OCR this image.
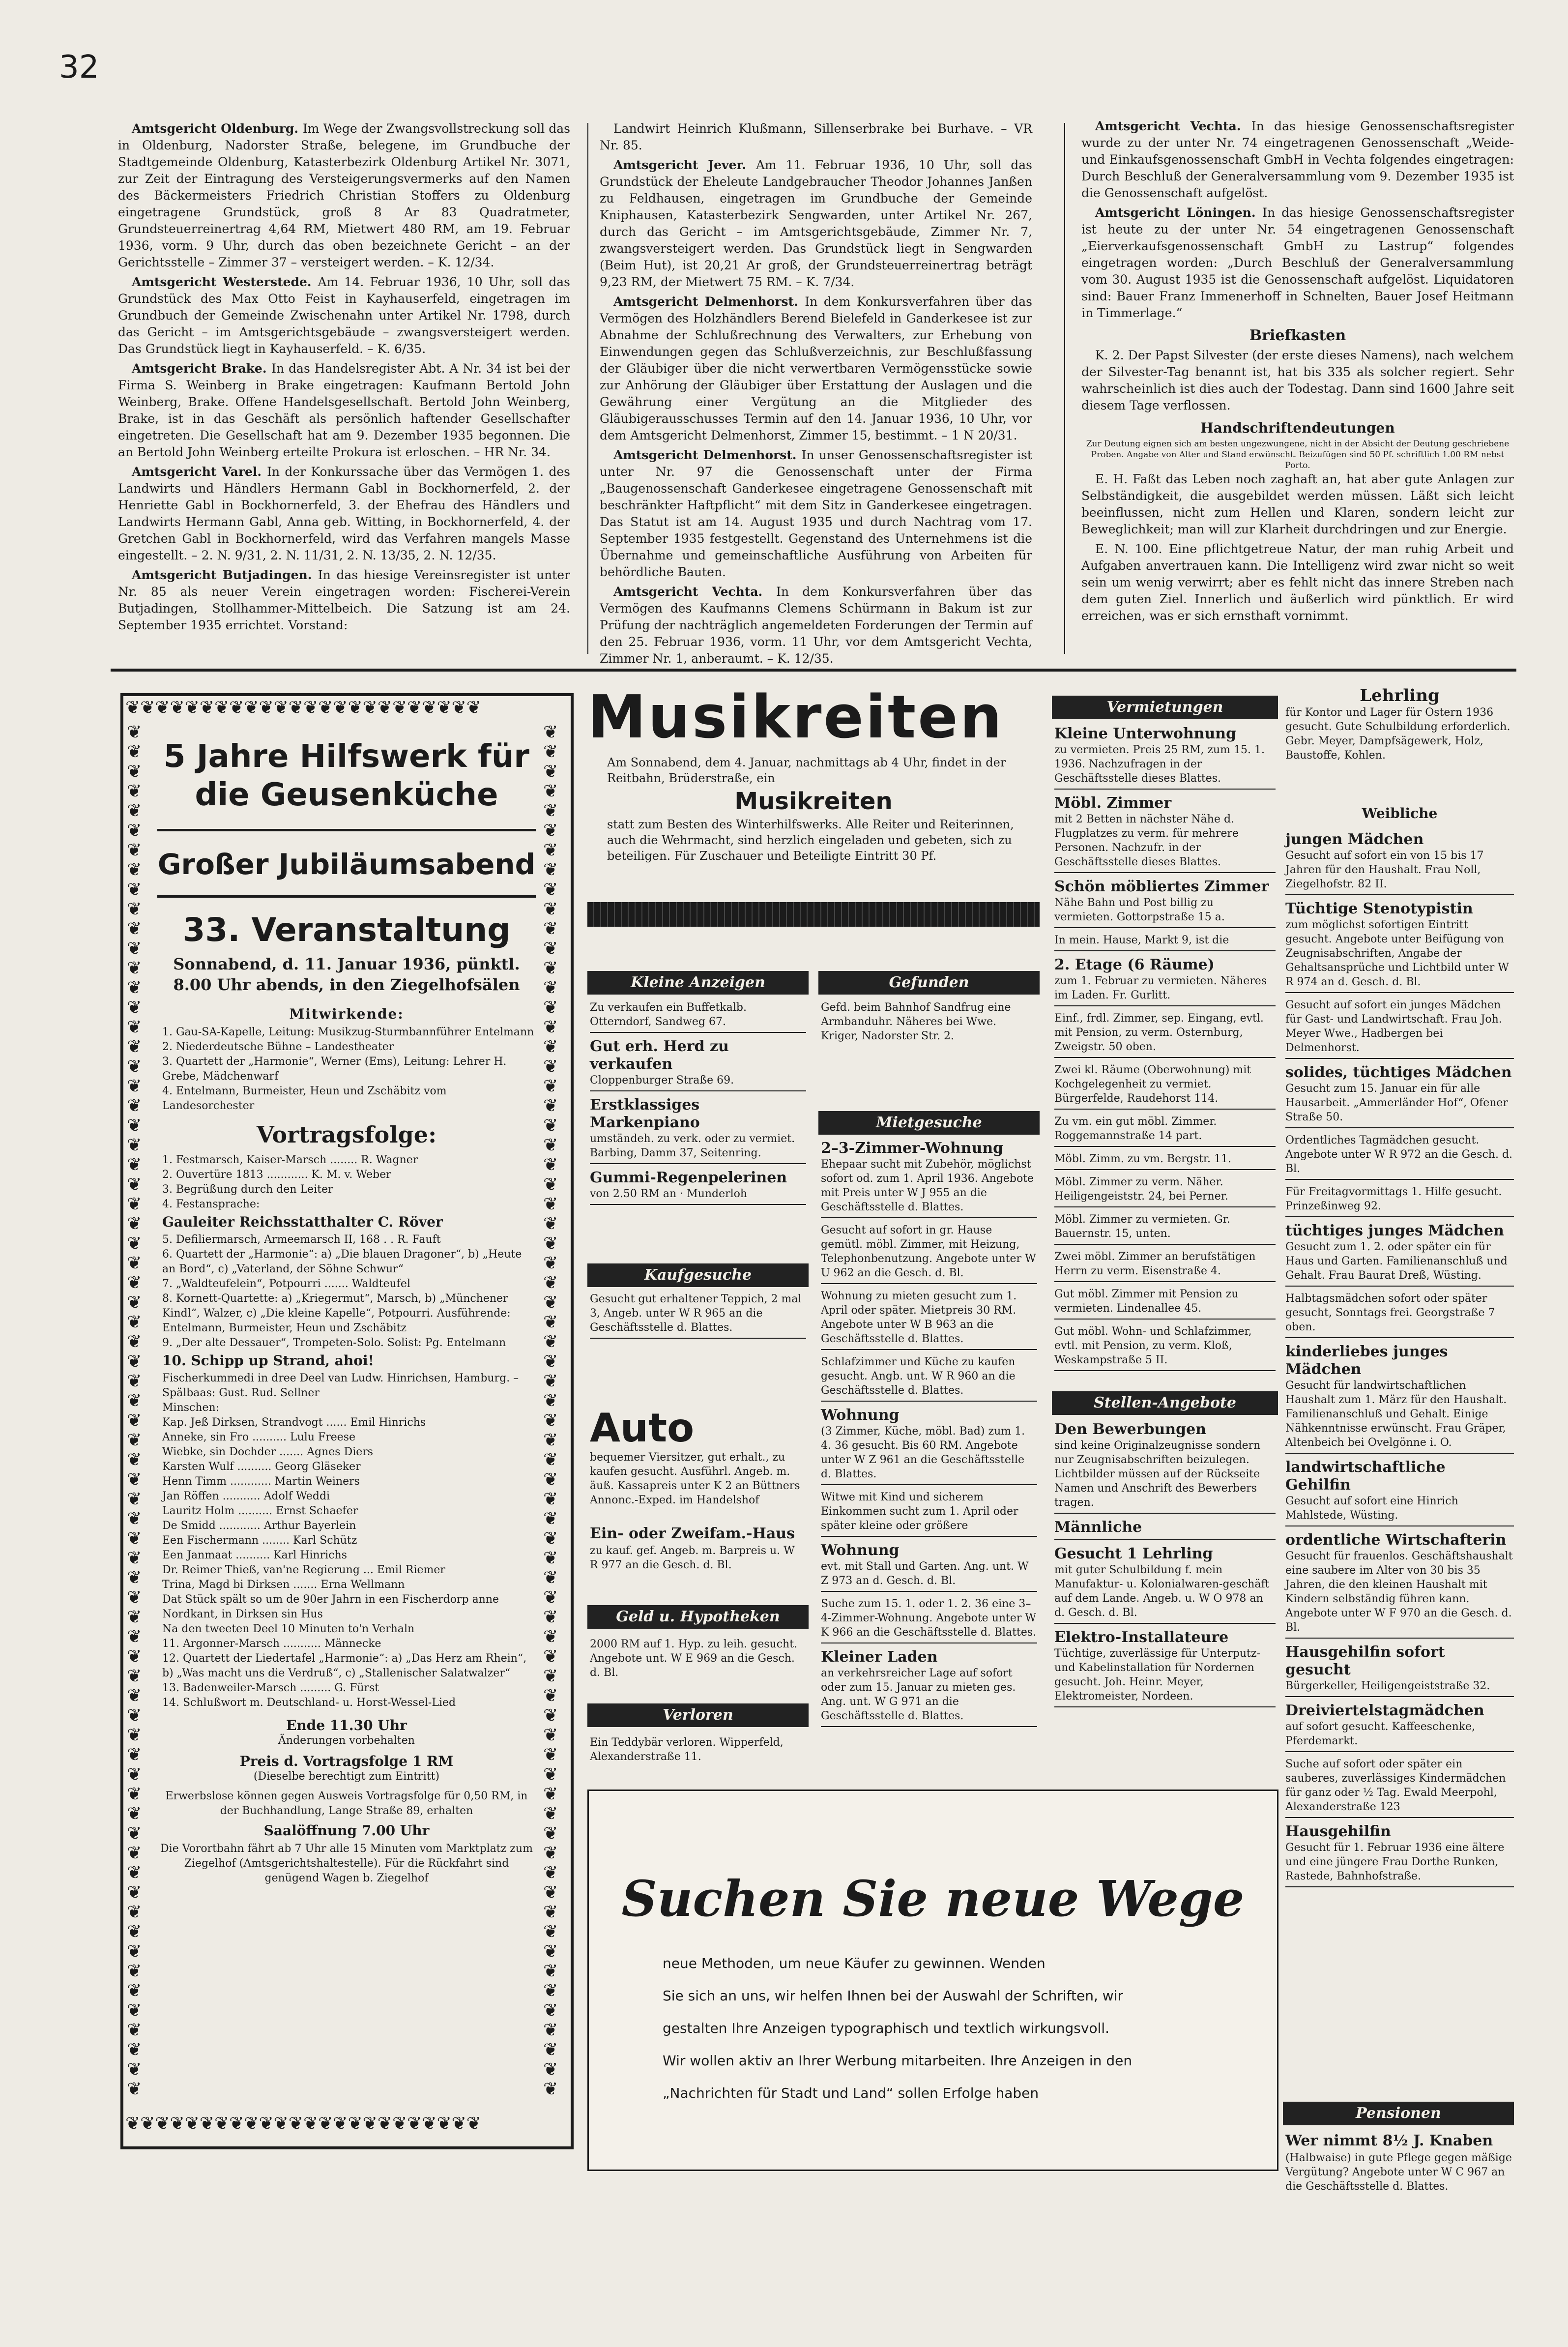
32

Amtsgericht Oldenburg. Im Wege der Zwangsvollstreckung soll das in Oldenburg, Nadorster Straße, belegene, im Grundbuche der Stadtgemeinde Oldenburg, Katasterbezirk Oldenburg Artikel Nr. 3071, zur Zeit der Eintragung des Versteigerungsvermerks auf den Namen des Bäckermeisters Friedrich Christian Stoffers zu Oldenburg eingetragene Grundstück, groß 8 Ar 83 Quadratmeter, Grundsteuerreinertrag 4,64 RM, Mietwert 480 RM, am 19. Februar 1936, vorm. 9 Uhr, durch das oben bezeichnete Gericht – an der Gerichtsstelle – Zimmer 37 – versteigert werden. – K. 12/34.

Amtsgericht Westerstede. Am 14. Februar 1936, 10 Uhr, soll das Grundstück des Max Otto Feist in Kayhauserfeld, eingetragen im Grundbuch der Gemeinde Zwischenahn unter Artikel Nr. 1798, durch das Gericht – im Amtsgerichtsgebäude – zwangsversteigert werden. Das Grundstück liegt in Kayhauserfeld. – K. 6/35.

Amtsgericht Brake. In das Handelsregister Abt. A Nr. 34 ist bei der Firma S. Weinberg in Brake eingetragen: Kaufmann Bertold John Weinberg, Brake. Offene Handelsgesellschaft. Bertold John Weinberg, Brake, ist in das Geschäft als persönlich haftender Gesellschafter eingetreten. Die Gesellschaft hat am 9. Dezember 1935 begonnen. Die an Bertold John Weinberg erteilte Prokura ist erloschen. – HR Nr. 34.

Amtsgericht Varel. In der Konkurssache über das Vermögen 1. des Landwirts und Händlers Hermann Gabl in Bockhornerfeld, 2. der Henriette Gabl in Bockhornerfeld, 3. der Ehefrau des Händlers und Landwirts Hermann Gabl, Anna geb. Witting, in Bockhornerfeld, 4. der Gretchen Gabl in Bockhornerfeld, wird das Verfahren mangels Masse eingestellt. – 2. N. 9/31, 2. N. 11/31, 2. N. 13/35, 2. N. 12/35.

Amtsgericht Butjadingen. In das hiesige Vereinsregister ist unter Nr. 85 als neuer Verein eingetragen worden: Fischerei-Verein Butjadingen, Stollhammer-Mittelbeich. Die Satzung ist am 24. September 1935 errichtet. Vorstand:

Landwirt Heinrich Klußmann, Sillenserbrake bei Burhave. – VR Nr. 85.

Amtsgericht Jever. Am 11. Februar 1936, 10 Uhr, soll das Grundstück der Eheleute Landgebraucher Theodor Johannes Janßen zu Feldhausen, eingetragen im Grundbuche der Gemeinde Kniphausen, Katasterbezirk Sengwarden, unter Artikel Nr. 267, durch das Gericht – im Amtsgerichtsgebäude, Zimmer Nr. 7, zwangsversteigert werden. Das Grundstück liegt in Sengwarden (Beim Hut), ist 20,21 Ar groß, der Grundsteuerreinertrag beträgt 9,23 RM, der Mietwert 75 RM. – K. 7/34.

Amtsgericht Delmenhorst. In dem Konkursverfahren über das Vermögen des Holzhändlers Berend Bielefeld in Ganderkesee ist zur Abnahme der Schlußrechnung des Verwalters, zur Erhebung von Einwendungen gegen das Schlußverzeichnis, zur Beschlußfassung der Gläubiger über die nicht verwertbaren Vermögensstücke sowie zur Anhörung der Gläubiger über Erstattung der Auslagen und die Gewährung einer Vergütung an die Mitglieder des Gläubigerausschusses Termin auf den 14. Januar 1936, 10 Uhr, vor dem Amtsgericht Delmenhorst, Zimmer 15, bestimmt. – 1 N 20/31.

Amtsgericht Delmenhorst. In unser Genossenschaftsregister ist unter Nr. 97 die Genossenschaft unter der Firma „Baugenossenschaft Ganderkesee eingetragene Genossenschaft mit beschränkter Haftpflicht“ mit dem Sitz in Ganderkesee eingetragen. Das Statut ist am 14. August 1935 und durch Nachtrag vom 17. September 1935 festgestellt. Gegenstand des Unternehmens ist die Übernahme und gemeinschaftliche Ausführung von Arbeiten für behördliche Bauten.

Amtsgericht Vechta. In dem Konkursverfahren über das Vermögen des Kaufmanns Clemens Schürmann in Bakum ist zur Prüfung der nachträglich angemeldeten Forderungen der Termin auf den 25. Februar 1936, vorm. 11 Uhr, vor dem Amtsgericht Vechta, Zimmer Nr. 1, anberaumt. – K. 12/35.

Amtsgericht Vechta. In das hiesige Genossenschaftsregister wurde zu der unter Nr. 74 eingetragenen Genossenschaft „Weide- und Einkaufsgenossenschaft GmbH in Vechta folgendes eingetragen: Durch Beschluß der Generalversammlung vom 9. Dezember 1935 ist die Genossenschaft aufgelöst.

Amtsgericht Löningen. In das hiesige Genossenschaftsregister ist heute zu der unter Nr. 54 eingetragenen Genossenschaft „Eierverkaufsgenossenschaft GmbH zu Lastrup“ folgendes eingetragen worden: „Durch Beschluß der Generalversammlung vom 30. August 1935 ist die Genossenschaft aufgelöst. Liquidatoren sind: Bauer Franz Immenerhoff in Schnelten, Bauer Josef Heitmann in Timmerlage.“

Briefkasten

K. 2. Der Papst Silvester (der erste dieses Namens), nach welchem der Silvester-Tag benannt ist, hat bis 335 als solcher regiert. Sehr wahrscheinlich ist dies auch der Todestag. Dann sind 1600 Jahre seit diesem Tage verflossen.

Handschriftendeutungen
Zur Deutung eignen sich am besten ungezwungene, nicht in der Absicht der Deutung geschriebene Proben. Angabe von Alter und Stand erwünscht. Beizufügen sind 50 Pf. schriftlich 1.00 RM nebst Porto.

E. H. Faßt das Leben noch zaghaft an, hat aber gute Anlagen zur Selbständigkeit, die ausgebildet werden müssen. Läßt sich leicht beeinflussen, nicht zum Hellen und Klaren, sondern leicht zur Beweglichkeit; man will zur Klarheit durchdringen und zur Energie.

E. N. 100. Eine pflichtgetreue Natur, der man ruhig Arbeit und Aufgaben anvertrauen kann. Die Intelligenz wird zwar nicht so weit sein um wenig verwirrt; aber es fehlt nicht das innere Streben nach dem guten Ziel. Innerlich und äußerlich wird pünktlich. Er wird erreichen, was er sich ernsthaft vornimmt.

❦❦❦❦❦❦❦❦❦❦❦❦❦❦❦❦❦❦❦❦❦❦❦❦
❦❦❦❦❦❦❦❦❦❦❦❦❦❦❦❦❦❦❦❦❦❦❦❦
❦❦❦❦❦❦❦❦❦❦❦❦❦❦❦❦❦❦❦❦❦❦❦❦❦❦❦❦❦❦❦❦❦❦❦❦❦❦❦❦❦❦❦❦❦❦❦❦❦❦❦❦❦❦❦❦❦❦❦❦❦❦❦❦❦❦❦❦❦❦
❦❦❦❦❦❦❦❦❦❦❦❦❦❦❦❦❦❦❦❦❦❦❦❦❦❦❦❦❦❦❦❦❦❦❦❦❦❦❦❦❦❦❦❦❦❦❦❦❦❦❦❦❦❦❦❦❦❦❦❦❦❦❦❦❦❦❦❦❦❦
5 Jahre Hilfswerk für die Geusenküche
Großer Jubiläumsabend
33. Veranstaltung
Sonnabend, d. 11. Januar 1936, pünktl. 8.00 Uhr abends, in den Ziegelhofsälen
Mitwirkende:

1. Gau-SA-Kapelle, Leitung: Musikzug-Sturmbannführer Entelmann

2. Niederdeutsche Bühne – Landestheater

3. Quartett der „Harmonie“, Werner (Ems), Leitung: Lehrer H. Grebe, Mädchenwarf

4. Entelmann, Burmeister, Heun und Zschäbitz vom Landesorchester

Vortragsfolge:

1. Festmarsch, Kaiser-Marsch ........ R. Wagner

2. Ouvertüre 1813 ............ K. M. v. Weber

3. Begrüßung durch den Leiter

4. Festansprache:

Gauleiter Reichsstatthalter C. Röver

5. Defiliermarsch, Armeemarsch II, 168 . . R. Fauft

6. Quartett der „Harmonie“: a) „Die blauen Dragoner“, b) „Heute an Bord“, c) „Vaterland, der Söhne Schwur“

7. „Waldteufelein“, Potpourri ....... Waldteufel

8. Kornett-Quartette: a) „Kriegermut“, Marsch, b) „Münchener Kindl“, Walzer, c) „Die kleine Kapelle“, Potpourri. Ausführende: Entelmann, Burmeister, Heun und Zschäbitz

9. „Der alte Dessauer“, Trompeten-Solo. Solist: Pg. Entelmann

10. Schipp up Strand, ahoi!

Fischerkummedi in dree Deel van Ludw. Hinrichsen, Hamburg. – Spälbaas: Gust. Rud. Sellner

Minschen:

Kap. Jeß Dirksen, Strandvogt ...... Emil Hinrichs

Anneke, sin Fro .......... Lulu Freese

Wiebke, sin Dochder ....... Agnes Diers

Karsten Wulf .......... Georg Gläseker

Henn Timm ............ Martin Weiners

Jan Röffen ........... Adolf Weddi

Lauritz Holm .......... Ernst Schaefer

De Smidd ............ Arthur Bayerlein

Een Fischermann ........ Karl Schütz

Een Janmaat .......... Karl Hinrichs

Dr. Reimer Thieß, van'ne Regierung ... Emil Riemer

Trina, Magd bi Dirksen ....... Erna Wellmann

Dat Stück spält so um de 90er Jahrn in een Fischerdorp anne Nordkant, in Dirksen sin Hus

Na den tweeten Deel 10 Minuten to'n Verhaln

11. Argonner-Marsch ........... Männecke

12. Quartett der Liedertafel „Harmonie“: a) „Das Herz am Rhein“, b) „Was macht uns die Verdruß“, c) „Stallenischer Salatwalzer“

13. Badenweiler-Marsch ......... G. Fürst

14. Schlußwort m. Deutschland- u. Horst-Wessel-Lied

Ende 11.30 Uhr
Änderungen vorbehalten
Preis d. Vortragsfolge 1 RM
(Dieselbe berechtigt zum Eintritt)
Erwerbslose können gegen Ausweis Vortragsfolge für 0,50 RM, in der Buchhandlung, Lange Straße 89, erhalten
Saalöffnung 7.00 Uhr
Die Vorortbahn fährt ab 7 Uhr alle 15 Minuten vom Marktplatz zum Ziegelhof (Amtsgerichtshaltestelle). Für die Rückfahrt sind genügend Wagen b. Ziegelhof
Musikreiten
Am Sonnabend, dem 4. Januar, nachmittags ab 4 Uhr, findet in der Reitbahn, Brüderstraße, ein
Musikreiten
statt zum Besten des Winterhilfswerks. Alle Reiter und Reiterinnen, auch die Wehrmacht, sind herzlich eingeladen und gebeten, sich zu beteiligen. Für Zuschauer und Beteiligte Eintritt 30 Pf.
Kleine Anzeigen	Gefunden
Vermietungen
Kaufgesuche
Mietgesuche
Geld u. Hypotheken
Verloren
Stellen-Angebote
Pensionen
Zu verkaufen ein Buffetkalb. Otterndorf, Sandweg 67.
Gut erh. Herd zu verkaufen
Cloppenburger Straße 69.
Erstklassiges Markenpiano
umständeh. zu verk. oder zu vermiet. Barbing, Damm 37, Seitenring.
Gummi-Regenpelerinen
von 2.50 RM an · Munderloh
Gesucht gut erhaltener Teppich, 2 mal 3, Angeb. unter W R 965 an die Geschäftsstelle d. Blattes.
Auto
bequemer Viersitzer, gut erhalt., zu kaufen gesucht. Ausführl. Angeb. m. äuß. Kassapreis unter K 2 an Büttners Annonc.-Exped. im Handelshof
Ein- oder Zweifam.-Haus
zu kauf. gef. Angeb. m. Barpreis u. W R 977 an die Gesch. d. Bl.
2000 RM auf 1. Hyp. zu leih. gesucht. Angebote unt. W E 969 an die Gesch. d. Bl.
Ein Teddybär verloren. Wipperfeld, Alexanderstraße 11.
Gefd. beim Bahnhof Sandfrug eine Armbanduhr. Näheres bei Wwe. Kriger, Nadorster Str. 2.
2–3-Zimmer-Wohnung
Ehepaar sucht mit Zubehör, möglichst sofort od. zum 1. April 1936. Angebote mit Preis unter W J 955 an die Geschäftsstelle d. Blattes.
Gesucht auf sofort in gr. Hause gemütl. möbl. Zimmer, mit Heizung, Telephonbenutzung. Angebote unter W U 962 an die Gesch. d. Bl.
Wohnung zu mieten gesucht zum 1. April oder später. Mietpreis 30 RM. Angebote unter W B 963 an die Geschäftsstelle d. Blattes.
Schlafzimmer und Küche zu kaufen gesucht. Angb. unt. W R 960 an die Geschäftsstelle d. Blattes.
Wohnung
(3 Zimmer, Küche, möbl. Bad) zum 1. 4. 36 gesucht. Bis 60 RM. Angebote unter W Z 961 an die Geschäftsstelle d. Blattes.
Witwe mit Kind und sicherem Einkommen sucht zum 1. April oder später kleine oder größere
Wohnung
evt. mit Stall und Garten. Ang. unt. W Z 973 an d. Gesch. d. Bl.
Suche zum 15. 1. oder 1. 2. 36 eine 3–4-Zimmer-Wohnung. Angebote unter W K 966 an die Geschäftsstelle d. Blattes.
Kleiner Laden
an verkehrsreicher Lage auf sofort oder zum 15. Januar zu mieten ges. Ang. unt. W G 971 an die Geschäftsstelle d. Blattes.
Kleine Unterwohnung
zu vermieten. Preis 25 RM, zum 15. 1. 1936. Nachzufragen in der Geschäftsstelle dieses Blattes.
Möbl. Zimmer
mit 2 Betten in nächster Nähe d. Flugplatzes zu verm. für mehrere Personen. Nachzufr. in der Geschäftsstelle dieses Blattes.
Schön möbliertes Zimmer
Nähe Bahn und Post billig zu vermieten. Gottorpstraße 15 a.
In mein. Hause, Markt 9, ist die
2. Etage (6 Räume)
zum 1. Februar zu vermieten. Näheres im Laden. Fr. Gurlitt.
Einf., frdl. Zimmer, sep. Eingang, evtl. mit Pension, zu verm. Osternburg, Zweigstr. 50 oben.
Zwei kl. Räume (Oberwohnung) mit Kochgelegenheit zu vermiet. Bürgerfelde, Raudehorst 114.
Zu vm. ein gut möbl. Zimmer. Roggemannstraße 14 part.
Möbl. Zimm. zu vm. Bergstr. 11.
Möbl. Zimmer zu verm. Näher. Heiligengeiststr. 24, bei Perner.
Möbl. Zimmer zu vermieten. Gr. Bauernstr. 15, unten.
Zwei möbl. Zimmer an berufstätigen Herrn zu verm. Eisenstraße 4.
Gut möbl. Zimmer mit Pension zu vermieten. Lindenallee 45.
Gut möbl. Wohn- und Schlafzimmer, evtl. mit Pension, zu verm. Kloß, Weskampstraße 5 II.
Den Bewerbungen
sind keine Originalzeugnisse sondern nur Zeugnisabschriften beizulegen. Lichtbilder müssen auf der Rückseite Namen und Anschrift des Bewerbers tragen.
Männliche
Gesucht 1 Lehrling
mit guter Schulbildung f. mein Manufaktur- u. Kolonialwaren-geschäft auf dem Lande. Angeb. u. W O 978 an d. Gesch. d. Bl.
Elektro-Installateure
Tüchtige, zuverlässige für Unterputz- und Kabelinstallation für Nordernen gesucht. Joh. Heinr. Meyer, Elektromeister, Nordeen.
Lehrling
für Kontor und Lager für Ostern 1936 gesucht. Gute Schulbildung erforderlich. Gebr. Meyer, Dampfsägewerk, Holz, Baustoffe, Kohlen.
Weibliche
jungen Mädchen
Gesucht auf sofort ein von 15 bis 17 Jahren für den Haushalt. Frau Noll, Ziegelhofstr. 82 II.
Tüchtige Stenotypistin
zum möglichst sofortigen Eintritt gesucht. Angebote unter Beifügung von Zeugnisabschriften, Angabe der Gehaltsansprüche und Lichtbild unter W R 974 an d. Gesch. d. Bl.
Gesucht auf sofort ein junges Mädchen für Gast- und Landwirtschaft. Frau Joh. Meyer Wwe., Hadbergen bei Delmenhorst.
solides, tüchtiges Mädchen
Gesucht zum 15. Januar ein für alle Hausarbeit. „Ammerländer Hof“, Ofener Straße 50.
Ordentliches Tagmädchen gesucht. Angebote unter W R 972 an die Gesch. d. Bl.
Für Freitagvormittags 1. Hilfe gesucht. Prinzeßinweg 92.
tüchtiges junges Mädchen
Gesucht zum 1. 2. oder später ein für Haus und Garten. Familienanschluß und Gehalt. Frau Baurat Dreß, Wüsting.
Halbtagsmädchen sofort oder später gesucht, Sonntags frei. Georgstraße 7 oben.
kinderliebes junges Mädchen
Gesucht für landwirtschaftlichen Haushalt zum 1. März für den Haushalt. Familienanschluß und Gehalt. Einige Nähkenntnisse erwünscht. Frau Gräper, Altenbeich bei Ovelgönne i. O.
landwirtschaftliche Gehilfin
Gesucht auf sofort eine Hinrich Mahlstede, Wüsting.
ordentliche Wirtschafterin
Gesucht für frauenlos. Geschäftshaushalt eine saubere im Alter von 30 bis 35 Jahren, die den kleinen Haushalt mit Kindern selbständig führen kann. Angebote unter W F 970 an die Gesch. d. Bl.
Hausgehilfin sofort gesucht
Bürgerkeller, Heiligengeiststraße 32.
Dreiviertelstagmädchen
auf sofort gesucht. Kaffeeschenke, Pferdemarkt.
Suche auf sofort oder später ein sauberes, zuverlässiges Kindermädchen für ganz oder ½ Tag. Ewald Meerpohl, Alexanderstraße 123
Hausgehilfin
Gesucht für 1. Februar 1936 eine ältere und eine jüngere Frau Dorthe Runken, Rastede, Bahnhofstraße.
Wer nimmt 8½ J. Knaben
(Halbwaise) in gute Pflege gegen mäßige Vergütung? Angebote unter W C 967 an die Geschäftsstelle d. Blattes.
Suchen Sie neue Wege
neue Methoden, um neue Käufer zu gewinnen. Wenden
Sie sich an uns, wir helfen Ihnen bei der Auswahl der Schriften, wir
gestalten Ihre Anzeigen typographisch und textlich wirkungsvoll.
Wir wollen aktiv an Ihrer Werbung mitarbeiten. Ihre Anzeigen in den
„Nachrichten für Stadt und Land“ sollen Erfolge haben
